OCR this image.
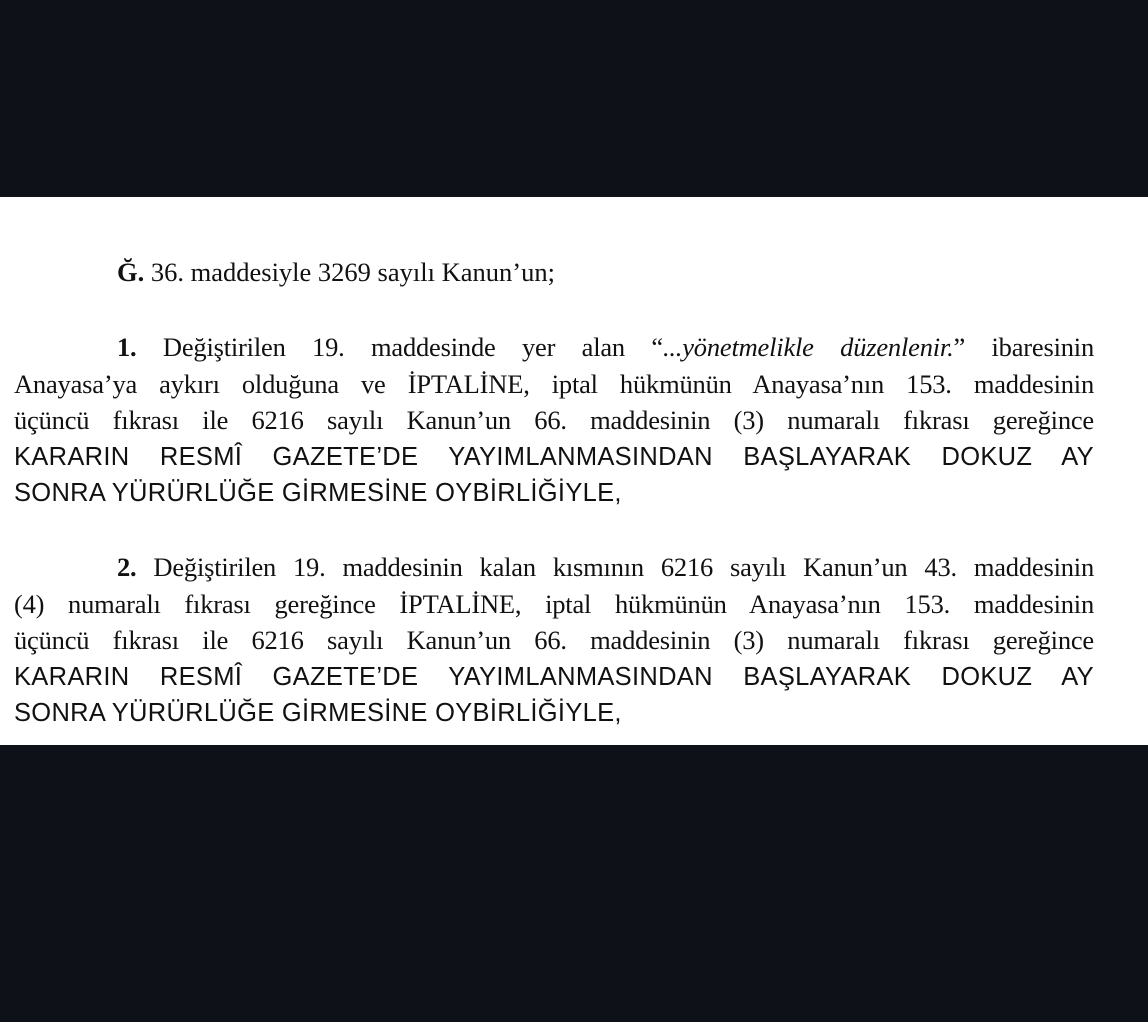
Ğ. 36. maddesiyle 3269 sayılı Kanun’un;
1. Değiştirilen 19. maddesinde yer alan “...yönetmelikle düzenlenir.” ibaresinin
Anayasa’ya aykırı olduğuna ve İPTALİNE, iptal hükmünün Anayasa’nın 153. maddesinin
üçüncü fıkrası ile 6216 sayılı Kanun’un 66. maddesinin (3) numaralı fıkrası gereğince
KARARIN RESMÎ GAZETE’DE YAYIMLANMASINDAN BAŞLAYARAK DOKUZ AY
SONRA YÜRÜRLÜĞE GİRMESİNE OYBİRLİĞİYLE,
2. Değiştirilen 19. maddesinin kalan kısmının 6216 sayılı Kanun’un 43. maddesinin
(4) numaralı fıkrası gereğince İPTALİNE, iptal hükmünün Anayasa’nın 153. maddesinin
üçüncü fıkrası ile 6216 sayılı Kanun’un 66. maddesinin (3) numaralı fıkrası gereğince
KARARIN RESMÎ GAZETE’DE YAYIMLANMASINDAN BAŞLAYARAK DOKUZ AY
SONRA YÜRÜRLÜĞE GİRMESİNE OYBİRLİĞİYLE,
